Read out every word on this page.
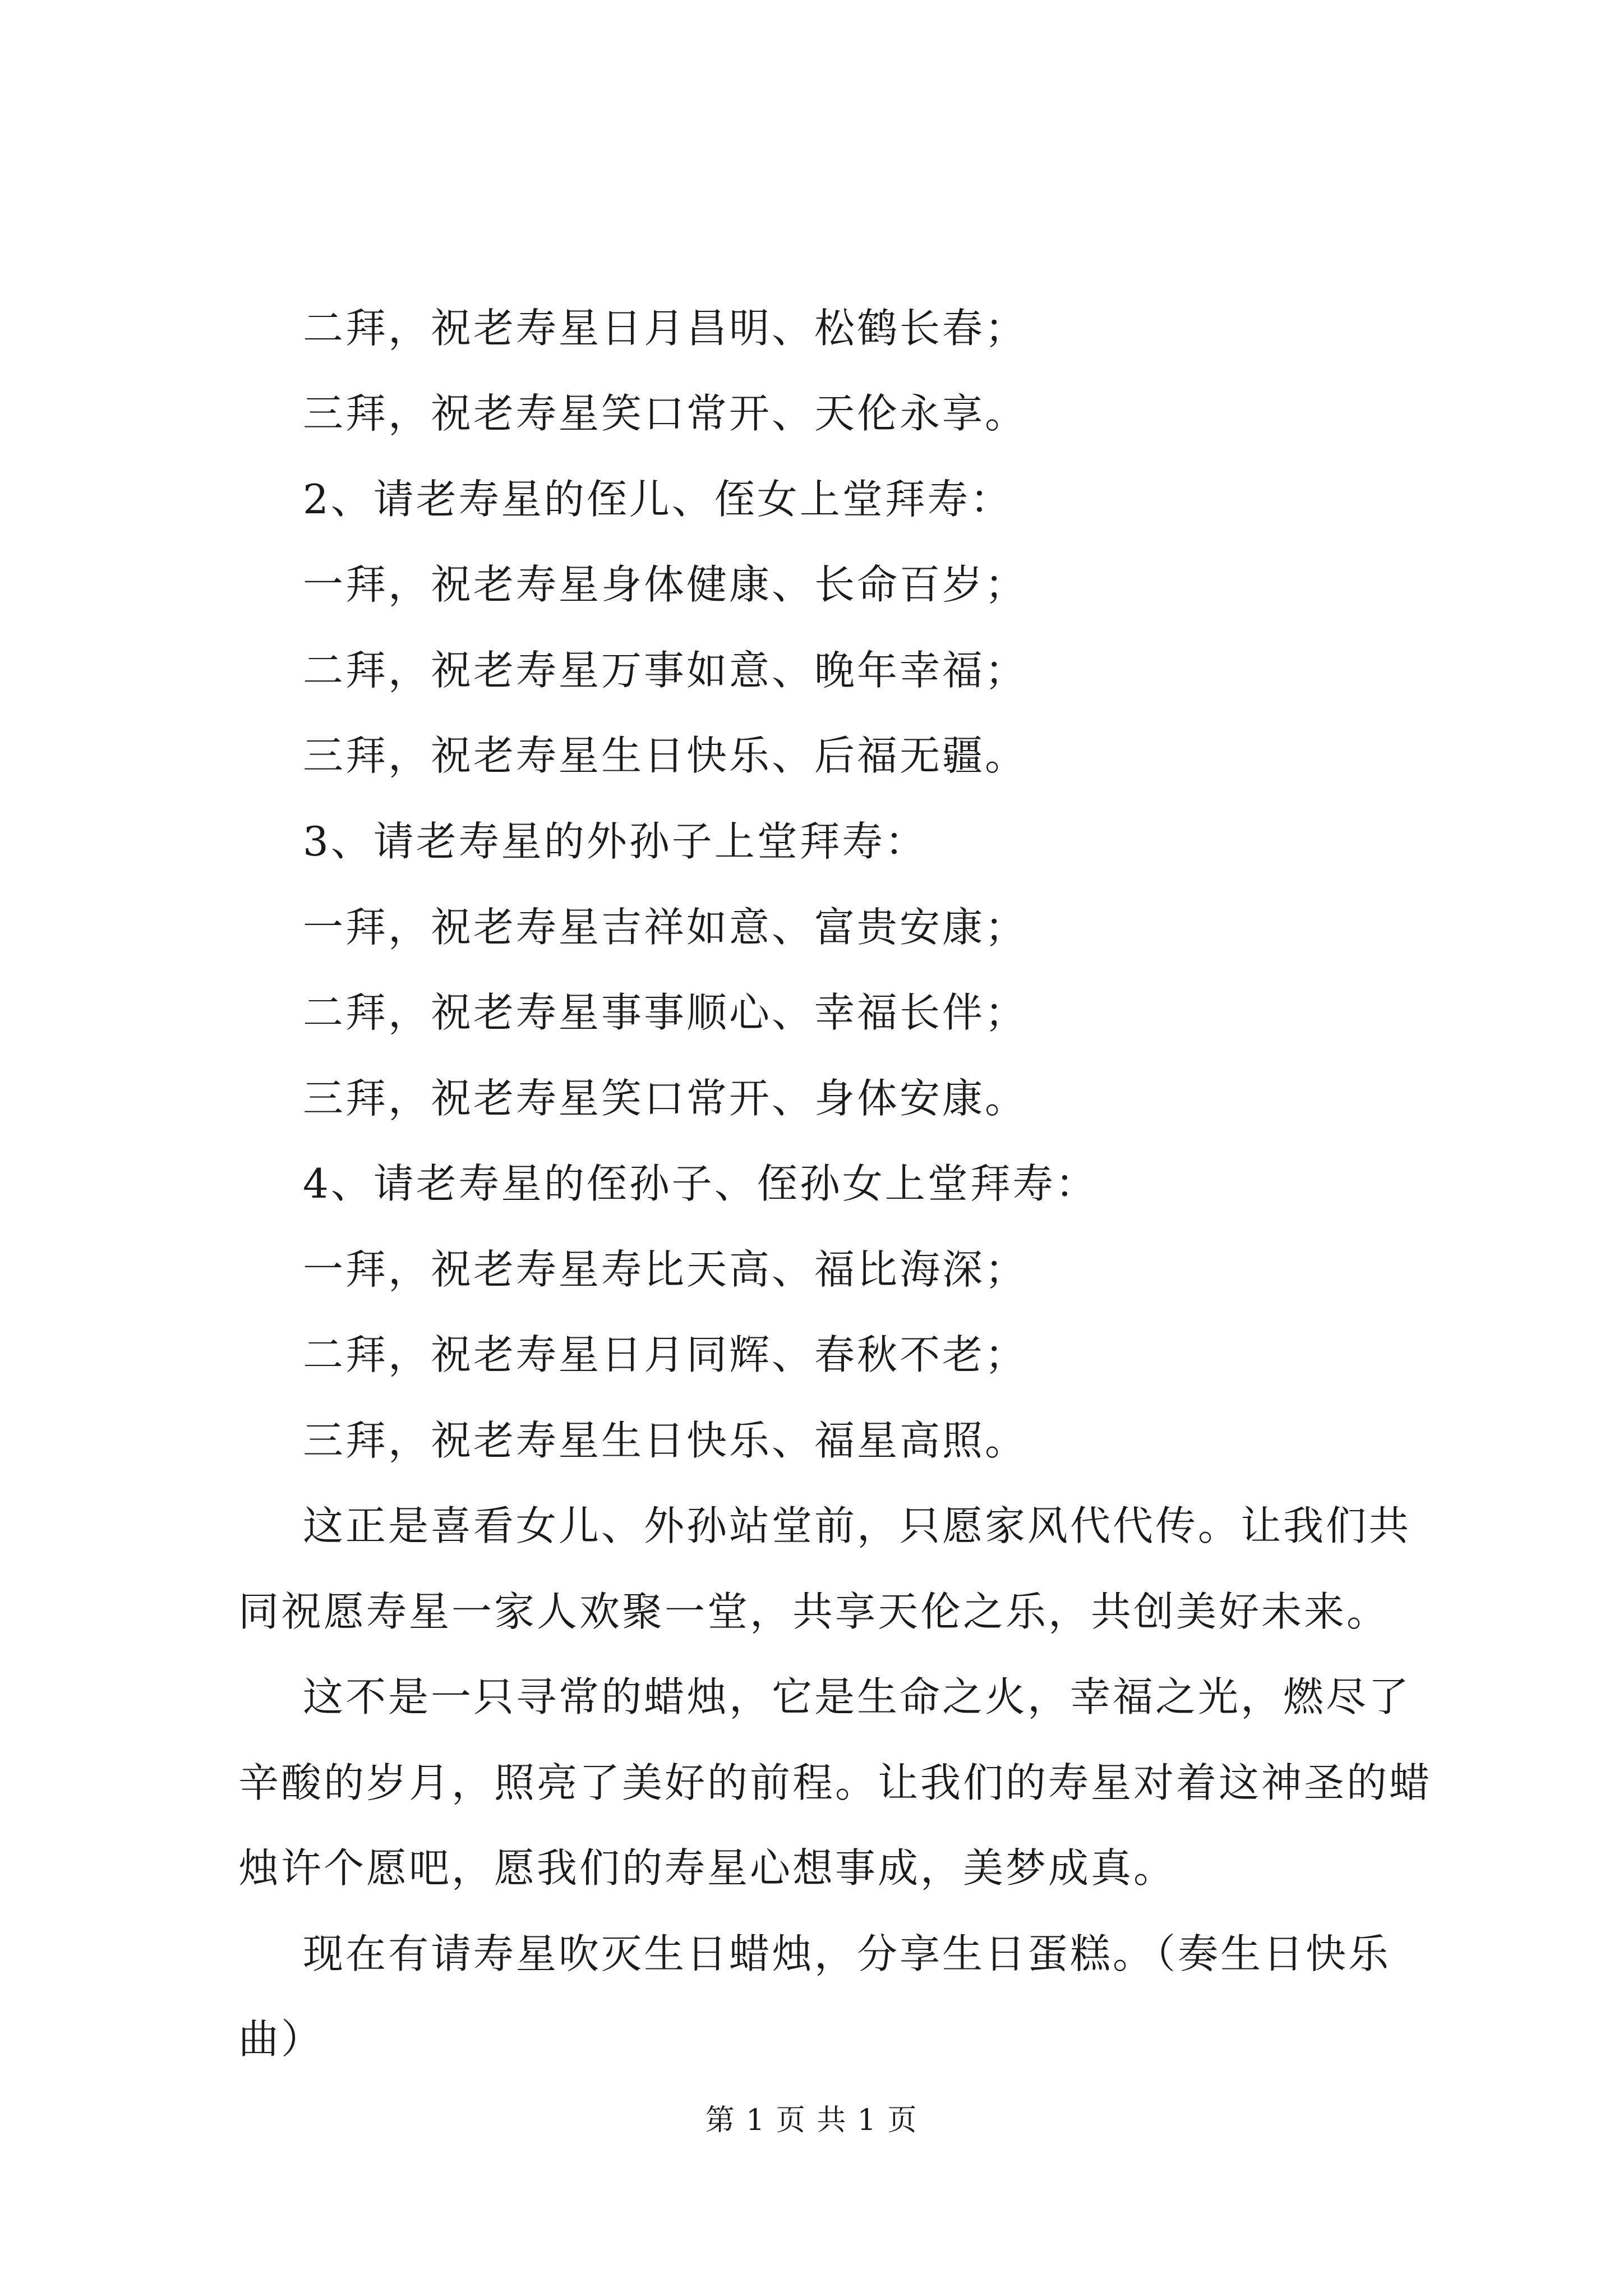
二拜，祝老寿星日月昌明、松鹤长春；
三拜，祝老寿星笑口常开、天伦永享。
2、请老寿星的侄儿、侄女上堂拜寿：
一拜，祝老寿星身体健康、长命百岁；
二拜，祝老寿星万事如意、晚年幸福；
三拜，祝老寿星生日快乐、后福无疆。
3、请老寿星的外孙子上堂拜寿：
一拜，祝老寿星吉祥如意、富贵安康；
二拜，祝老寿星事事顺心、幸福长伴；
三拜，祝老寿星笑口常开、身体安康。
4、请老寿星的侄孙子、侄孙女上堂拜寿：
一拜，祝老寿星寿比天高、福比海深；
二拜，祝老寿星日月同辉、春秋不老；
三拜，祝老寿星生日快乐、福星高照。
这正是喜看女儿、外孙站堂前，只愿家风代代传。让我们共
同祝愿寿星一家人欢聚一堂，共享天伦之乐，共创美好未来。
这不是一只寻常的蜡烛，它是生命之火，幸福之光，燃尽了
辛酸的岁月，照亮了美好的前程。让我们的寿星对着这神圣的蜡
烛许个愿吧，愿我们的寿星心想事成，美梦成真。
现在有请寿星吹灭生日蜡烛，分享生日蛋糕。（奏生日快乐
曲）
第 1 页 共 1 页
